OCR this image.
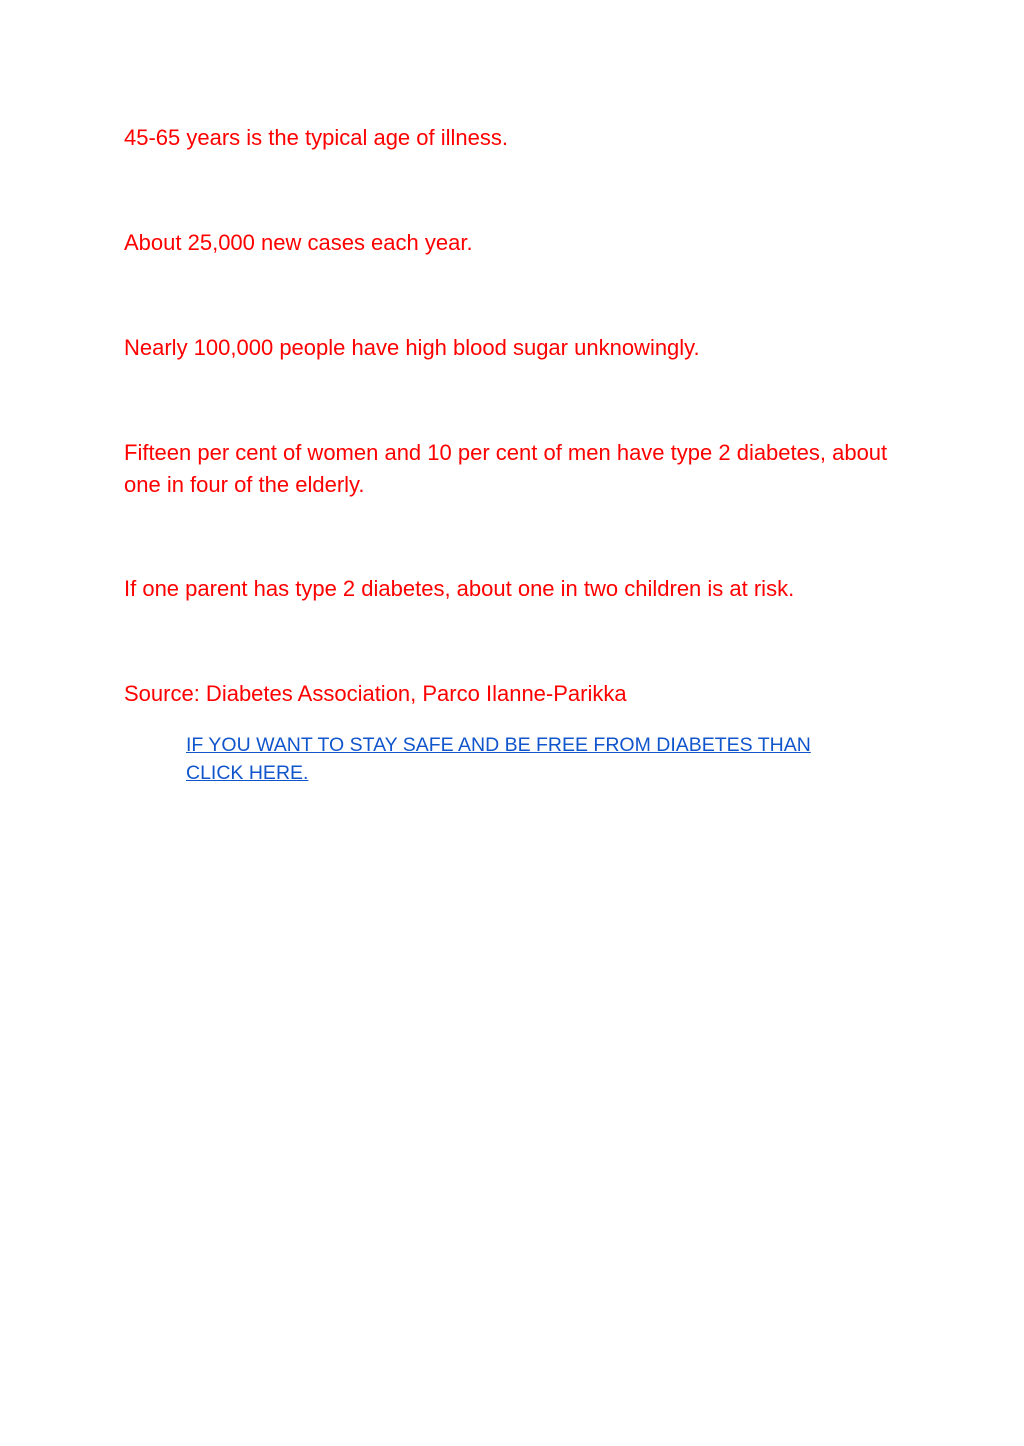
45-65 years is the typical age of illness.

About 25,000 new cases each year.

Nearly 100,000 people have high blood sugar unknowingly.

Fifteen per cent of women and 10 per cent of men have type 2 diabetes, about one in four of the elderly.

If one parent has type 2 diabetes, about one in two children is at risk.

Source: Diabetes Association, Parco Ilanne-Parikka

IF YOU WANT TO STAY SAFE AND BE FREE FROM DIABETES THAN CLICK HERE.
